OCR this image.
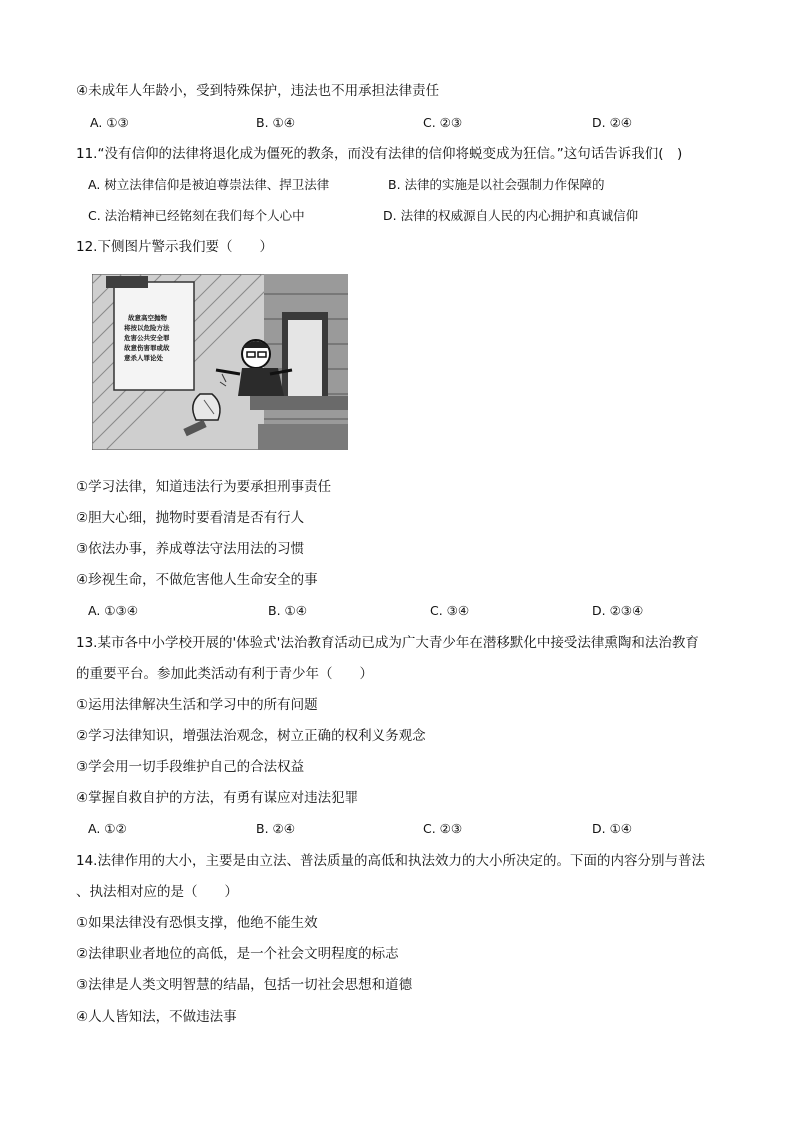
④未成年人年龄小，受到特殊保护，违法也不用承担法律责任
A. ①③	B. ①④	C. ②③	D. ②④
11.“没有信仰的法律将退化成为僵死的教条，而没有法律的信仰将蜕变成为狂信。”这句话告诉我们(　)
A. 树立法律信仰是被迫尊崇法律、捍卫法律	B. 法律的实施是以社会强制力作保障的
C. 法治精神已经铭刻在我们每个人心中	D. 法律的权威源自人民的内心拥护和真诚信仰
12.下侧图片警示我们要（　　）
故意高空抛物
将按以危险方法
危害公共安全罪
故意伤害罪或故
意杀人罪论处
①学习法律，知道违法行为要承担刑事责任
②胆大心细，抛物时要看清是否有行人
③依法办事，养成尊法守法用法的习惯
④珍视生命，不做危害他人生命安全的事
A. ①③④	B. ①④	C. ③④	D. ②③④
13.某市各中小学校开展的'体验式'法治教育活动已成为广大青少年在潜移默化中接受法律熏陶和法治教育
的重要平台。参加此类活动有利于青少年（　　）
①运用法律解决生活和学习中的所有问题
②学习法律知识，增强法治观念，树立正确的权利义务观念
③学会用一切手段维护自己的合法权益
④掌握自救自护的方法，有勇有谋应对违法犯罪
A. ①②	B. ②④	C. ②③	D. ①④
14.法律作用的大小，主要是由立法、普法质量的高低和执法效力的大小所决定的。下面的内容分别与普法
、执法相对应的是（　　）
①如果法律没有恐惧支撑，他绝不能生效
②法律职业者地位的高低，是一个社会文明程度的标志
③法律是人类文明智慧的结晶，包括一切社会思想和道德
④人人皆知法，不做违法事
